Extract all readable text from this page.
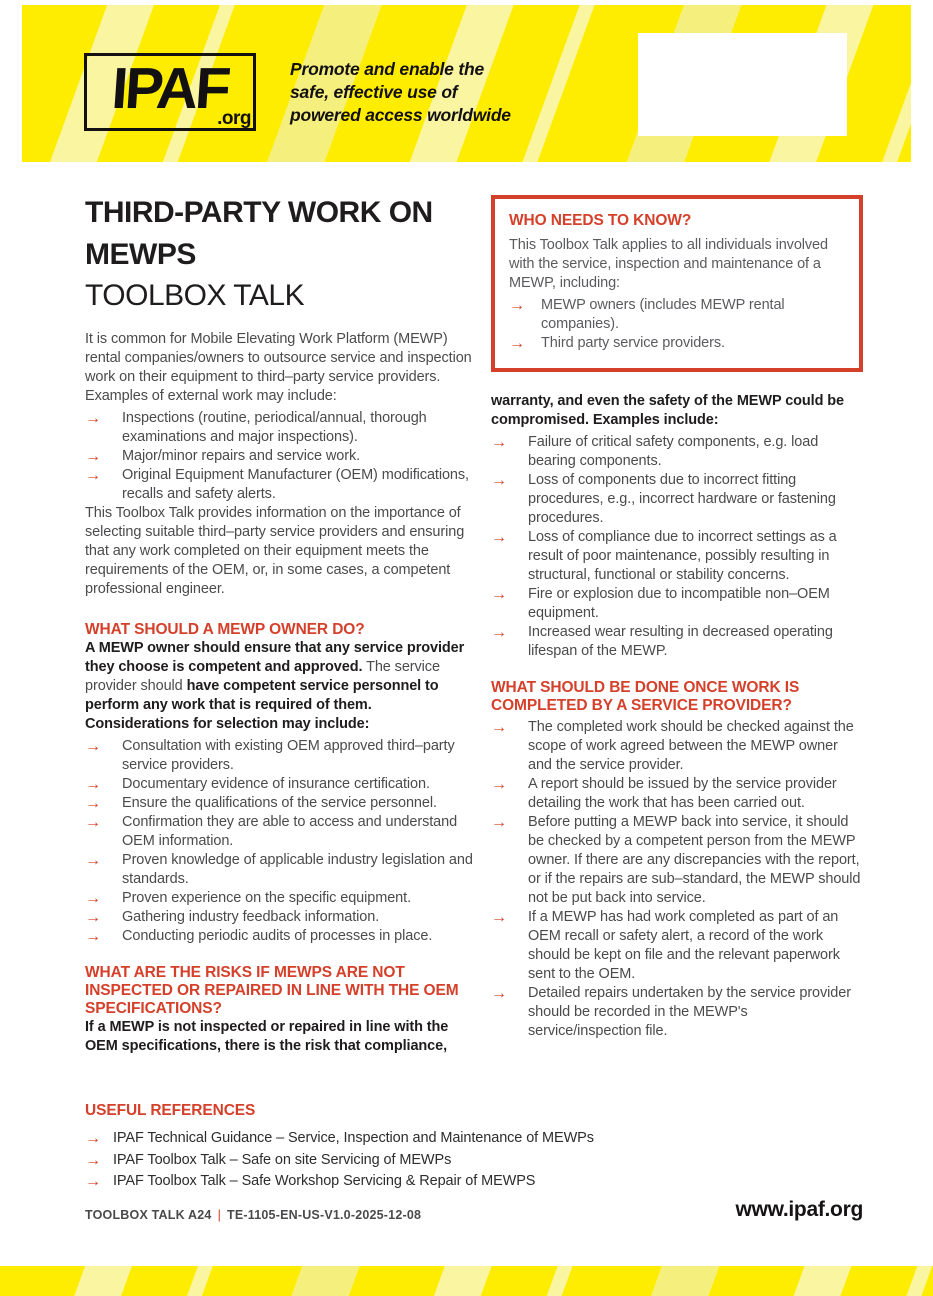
IPAF
.org
Promote and enable the
safe, effective use of
powered access worldwide
THIRD-PARTY WORK ON
MEWPS
TOOLBOX TALK

It is common for Mobile Elevating Work Platform (MEWP) rental companies/owners to outsource service and inspection work on their equipment to third–party service providers. Examples of external work may include:

→	Inspections (routine, periodical/annual, thorough examinations and major inspections).
→	Major/minor repairs and service work.
→	Original Equipment Manufacturer (OEM) modifications, recalls and safety alerts.

This Toolbox Talk provides information on the importance of selecting suitable third–party service providers and ensuring that any work completed on their equipment meets the requirements of the OEM, or, in some cases, a competent professional engineer.

WHAT SHOULD A MEWP OWNER DO?

A MEWP owner should ensure that any service provider they choose is competent and approved. The service provider should have competent service personnel to perform any work that is required of them. Considerations for selection may include:

→	Consultation with existing OEM approved third–party service providers.
→	Documentary evidence of insurance certification.
→	Ensure the qualifications of the service personnel.
→	Confirmation they are able to access and understand OEM information.
→	Proven knowledge of applicable industry legislation and standards.
→	Proven experience on the specific equipment.
→	Gathering industry feedback information.
→	Conducting periodic audits of processes in place.
WHAT ARE THE RISKS IF MEWPS ARE NOT INSPECTED OR REPAIRED IN LINE WITH THE OEM SPECIFICATIONS?

If a MEWP is not inspected or repaired in line with the OEM specifications, there is the risk that compliance,

WHO NEEDS TO KNOW?

This Toolbox Talk applies to all individuals involved with the service, inspection and maintenance of a MEWP, including:

→	MEWP owners (includes MEWP rental companies).
→	Third party service providers.

warranty, and even the safety of the MEWP could be compromised. Examples include:

→	Failure of critical safety components, e.g. load bearing components.
→	Loss of components due to incorrect fitting procedures, e.g., incorrect hardware or fastening procedures.
→	Loss of compliance due to incorrect settings as a result of poor maintenance, possibly resulting in structural, functional or stability concerns.
→	Fire or explosion due to incompatible non–OEM equipment.
→	Increased wear resulting in decreased operating lifespan of the MEWP.
WHAT SHOULD BE DONE ONCE WORK IS COMPLETED BY A SERVICE PROVIDER?
→	The completed work should be checked against the scope of work agreed between the MEWP owner and the service provider.
→	A report should be issued by the service provider detailing the work that has been carried out.
→	Before putting a MEWP back into service, it should be checked by a competent person from the MEWP owner. If there are any discrepancies with the report, or if the repairs are sub–standard, the MEWP should not be put back into service.
→	If a MEWP has had work completed as part of an OEM recall or safety alert, a record of the work should be kept on file and the relevant paperwork sent to the OEM.
→	Detailed repairs undertaken by the service provider should be recorded in the MEWP's service/inspection file.
USEFUL REFERENCES
→ IPAF Technical Guidance – Service, Inspection and Maintenance of MEWPs
→ IPAF Toolbox Talk – Safe on site Servicing of MEWPs
→ IPAF Toolbox Talk – Safe Workshop Servicing & Repair of MEWPS
TOOLBOX TALK A24 | TE-1105-EN-US-V1.0-2025-12-08	www.ipaf.org
